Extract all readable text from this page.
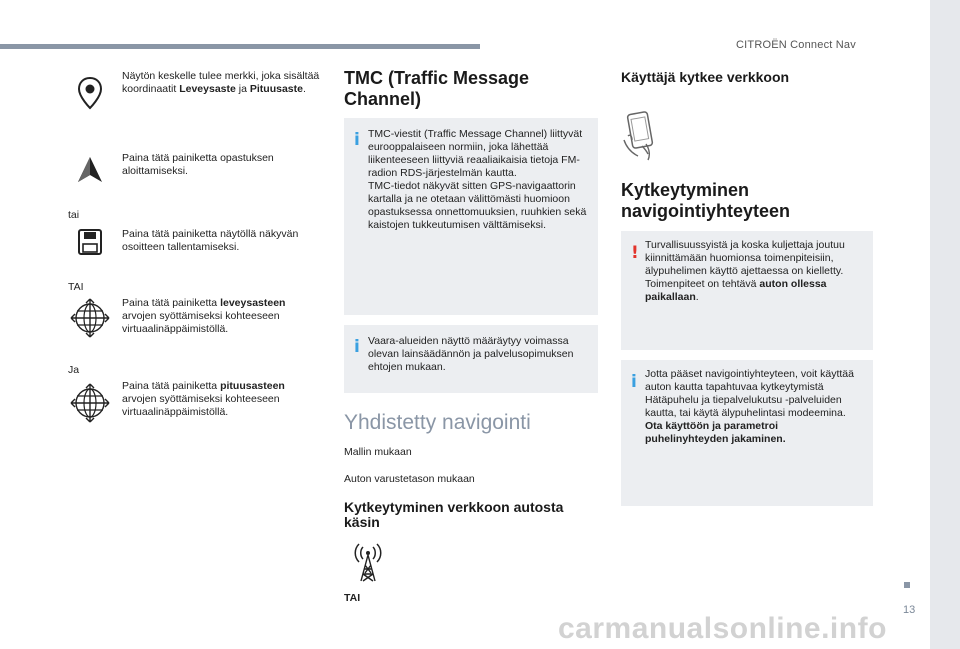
CITROËN Connect Nav
13
carmanualsonline.info
Näytön keskelle tulee merkki, joka sisältää koordinaatit Leveysaste ja Pituusaste.
Paina tätä painiketta opastuksen aloittamiseksi.
tai
Paina tätä painiketta näytöllä näkyvän osoitteen tallentamiseksi.
TAI
Paina tätä painiketta leveysasteen arvojen syöttämiseksi kohteeseen virtuaalinäppäimistöllä.
Ja
Paina tätä painiketta pituusasteen arvojen syöttämiseksi kohteeseen virtuaalinäppäimistöllä.
TMC (Traffic Message Channel)
i TMC-viestit (Traffic Message Channel) liittyvät eurooppalaiseen normiin, joka lähettää liikenteeseen liittyviä reaaliaikaisia tietoja FM-radion RDS-järjestelmän kautta.
TMC-tiedot näkyvät sitten GPS-navigaattorin kartalla ja ne otetaan välittömästi huomioon opastuksessa onnettomuuksien, ruuhkien sekä kaistojen tukkeutumisen välttämiseksi.
i Vaara-alueiden näyttö määräytyy voimassa olevan lainsäädännön ja palvelusopimuksen ehtojen mukaan.
Yhdistetty navigointi
Mallin mukaan
Auton varustetason mukaan
Kytkeytyminen verkkoon autosta käsin
TAI
Käyttäjä kytkee verkkoon
Kytkeytyminen navigointiyhteyteen
! Turvallisuussyistä ja koska kuljettaja joutuu kiinnittämään huomionsa toimenpiteisiin, älypuhelimen käyttö ajettaessa on kielletty.
Toimenpiteet on tehtävä auton ollessa paikallaan.
i Jotta pääset navigointiyhteyteen, voit käyttää auton kautta tapahtuvaa kytkeytymistä Hätäpuhelu ja tiepalvelukutsu -palveluiden kautta, tai käytä älypuhelintasi modeemina.
Ota käyttöön ja parametroi puhelinyhteyden jakaminen.
